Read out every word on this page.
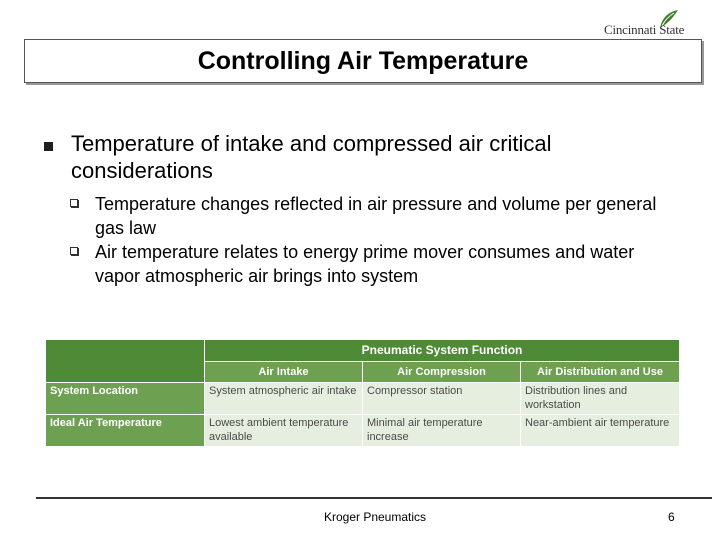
Cincinnati State
Controlling Air Temperature
Temperature of intake and compressed air critical considerations
Temperature changes reflected in air pressure and volume per general gas law
Air temperature relates to energy prime mover consumes and water vapor atmospheric air brings into system
	Pneumatic System Function		
	Air Intake	Air Compression	Air Distribution and Use
System Location	System atmospheric air intake	Compressor station	Distribution lines and workstation
Ideal Air Temperature	Lowest ambient temperature available	Minimal air temperature increase	Near-ambient air temperature
Kroger Pneumatics	6
